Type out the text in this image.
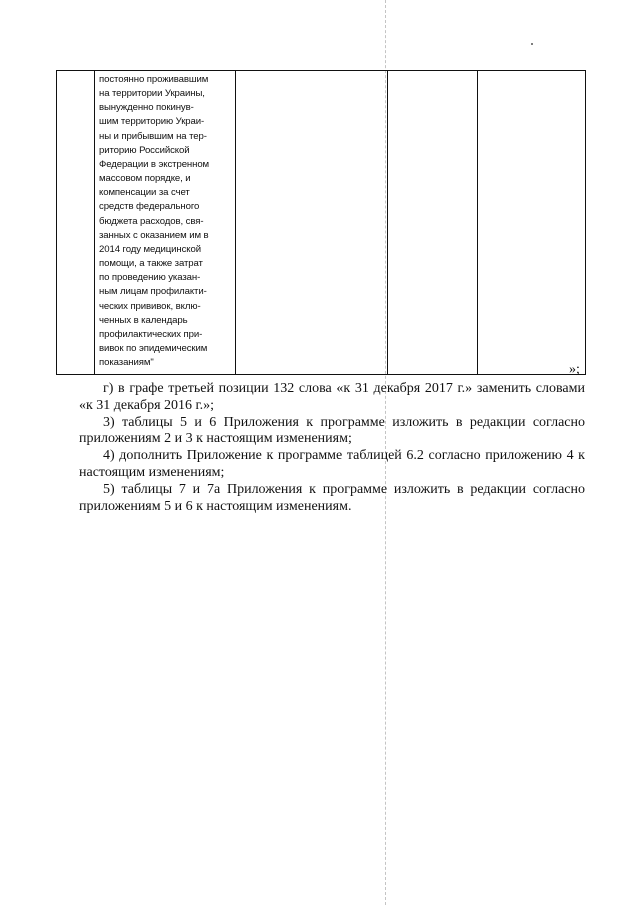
постоянно проживавшим
на территории Украины,
вынужденно покинув-
шим территорию Украи-
ны и прибывшим на тер-
риторию Российской
Федерации в экстренном
массовом порядке, и
компенсации за счет
средств федерального
бюджета расходов, свя-
занных с оказанием им в
2014 году медицинской
помощи, а также затрат
по проведению указан-
ным лицам профилакти-
ческих прививок, вклю-
ченных в календарь
профилактических при-
вивок по эпидемическим
показаниям"
				»;

г) в графе третьей позиции 132 слова «к 31 декабря 2017 г.» заменить словами «к 31 декабря 2016 г.»;

3) таблицы 5 и 6 Приложения к программе изложить в редакции согласно приложениям 2 и 3 к настоящим изменениям;

4) дополнить Приложение к программе таблицей 6.2 согласно приложению 4 к настоящим изменениям;

5) таблицы 7 и 7а Приложения к программе изложить в редакции согласно приложениям 5 и 6 к настоящим изменениям.
